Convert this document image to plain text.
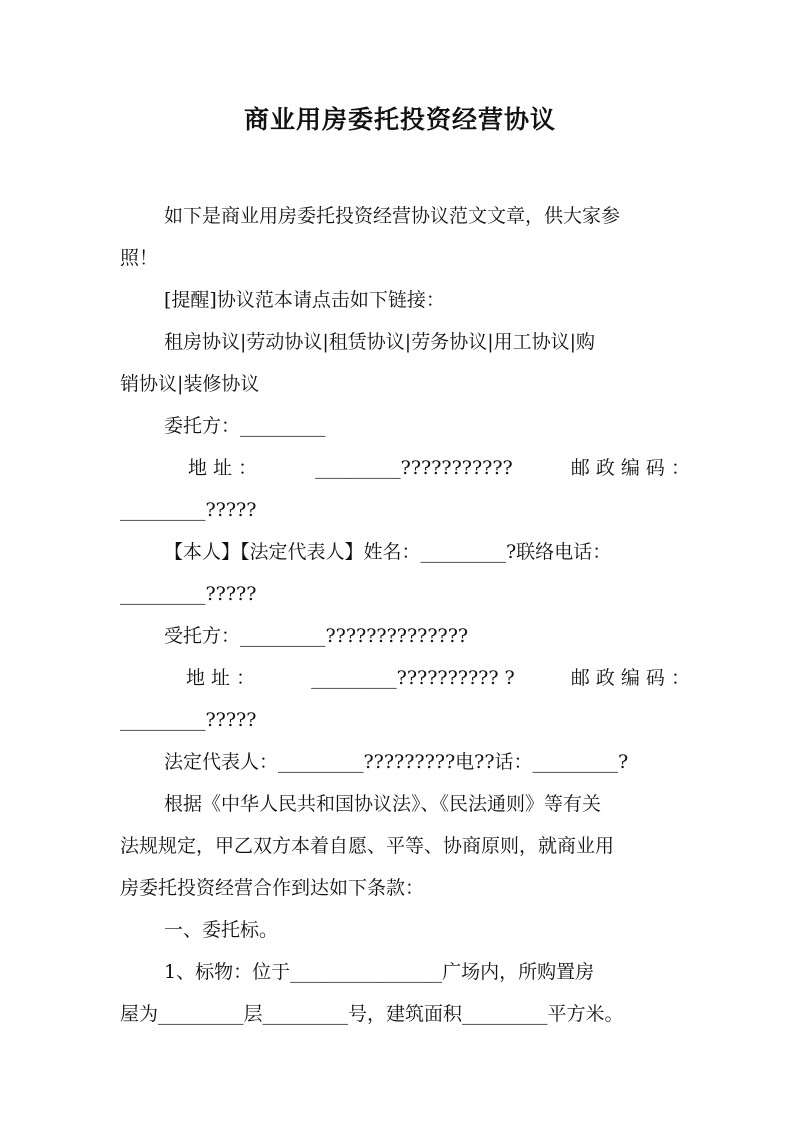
商业用房委托投资经营协议
如下是商业用房委托投资经营协议范文文章，供大家参
照！
[提醒]协议范本请点击如下链接：
租房协议|劳动协议|租赁协议|劳务协议|用工协议|购
销协议|装修协议
委托方：_________
地 址 ：	_________???????????	邮 政 编 码 ：
_________?????
【本人】【法定代表人】姓名：_________?联络电话：
_________?????
受托方：_________??????????????
地 址 ：	_________?????????? ?	邮 政 编 码 ：
_________?????
法定代表人：_________?????????电??话：_________?
根据《中华人民共和国协议法》、《民法通则》等有关
法规规定，甲乙双方本着自愿、平等、协商原则，就商业用
房委托投资经营合作到达如下条款：
一、委托标。
1、标物：位于________________广场内，所购置房
屋为_________层_________号，建筑面积_________平方米。
